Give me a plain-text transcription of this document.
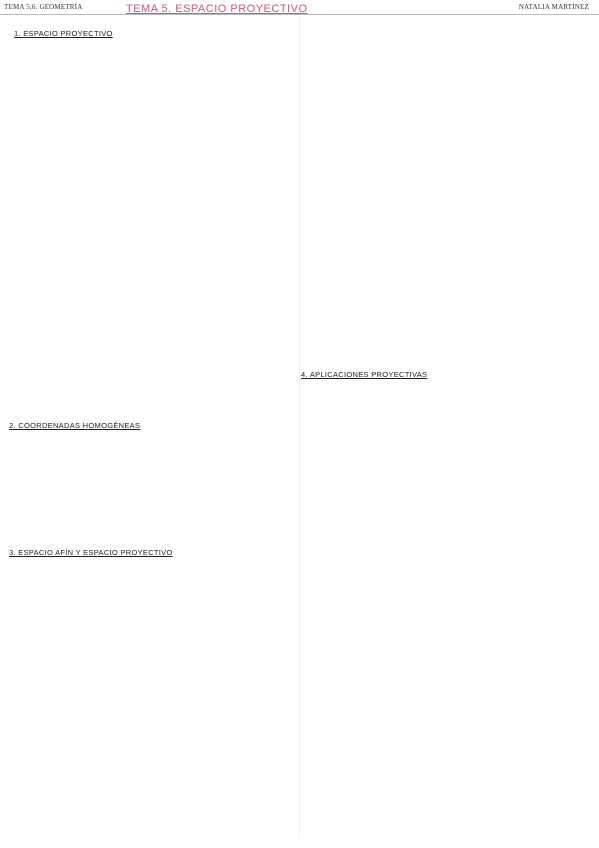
TEMA 5,6. GEOMETRÍA	TEMA 5. ESPACIO PROYECTIVO	NATALIA MARTÍNEZ
1. ESPACIO PROYECTIVO
2. COORDENADAS HOMOGÉNEAS
3. ESPACIO AFÍN Y ESPACIO PROYECTIVO
4. APLICACIONES PROYECTIVAS
